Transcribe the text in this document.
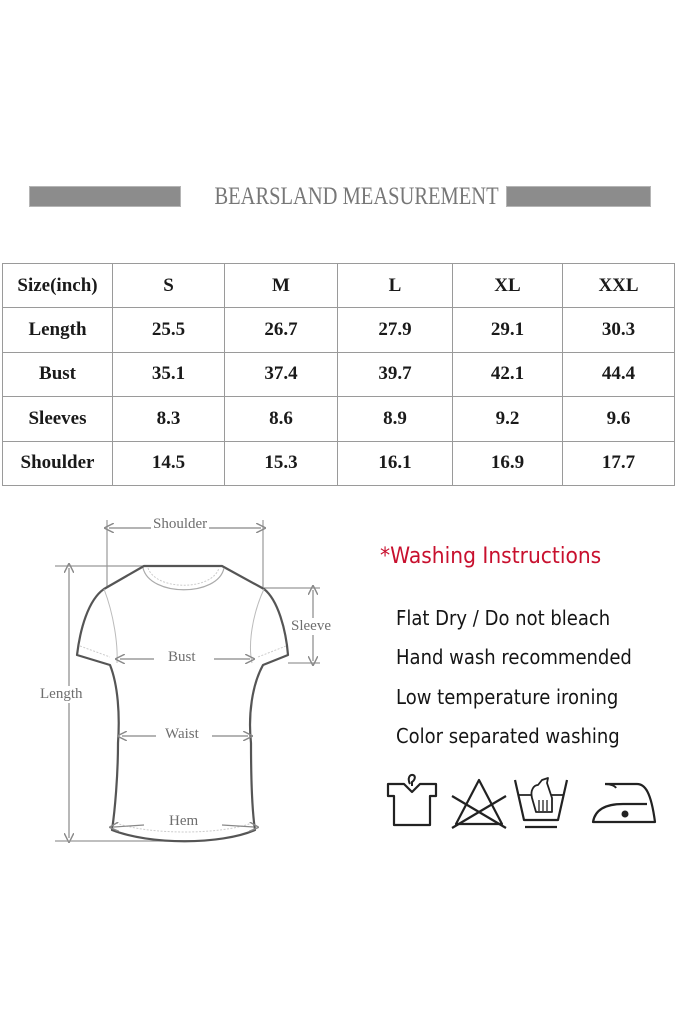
BEARSLAND MEASUREMENT
Size(inch)	S	M	L	XL	XXL
Length	25.5	26.7	27.9	29.1	30.3
Bust	35.1	37.4	39.7	42.1	44.4
Sleeves	8.3	8.6	8.9	9.2	9.6
Shoulder	14.5	15.3	16.1	16.9	17.7
Shoulder
Sleeve
Bust
Length
Waist
Hem
*Washing Instructions
Flat Dry / Do not bleach
Hand wash recommended
Low temperature ironing
Color separated washing
